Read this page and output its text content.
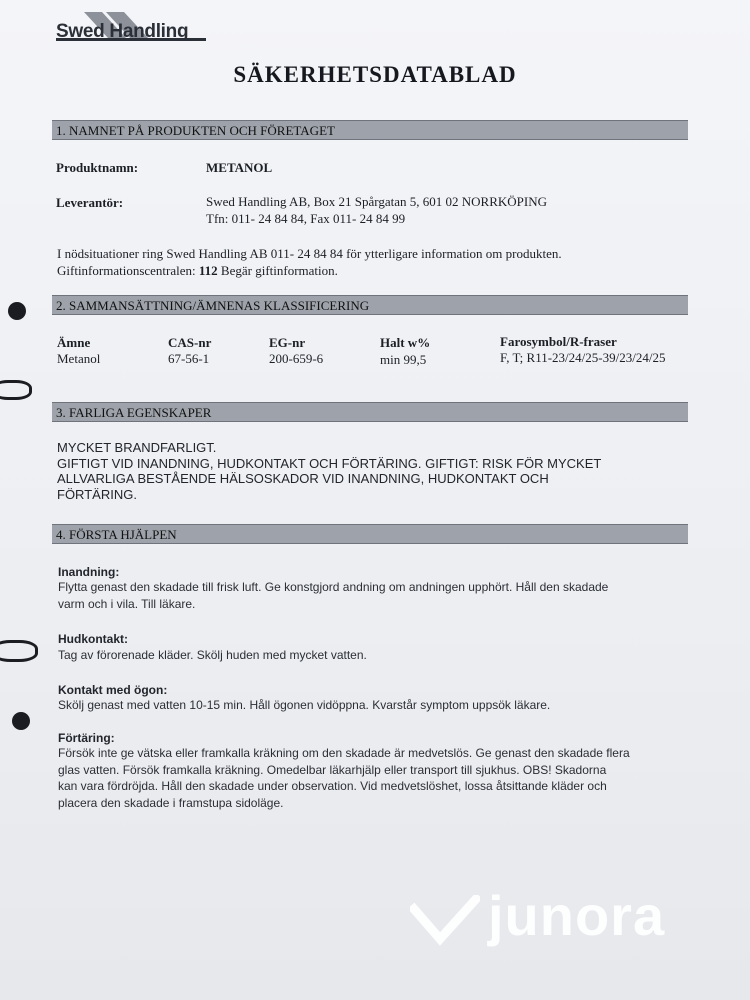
Swed Handling
SÄKERHETSDATABLAD
1. NAMNET PÅ PRODUKTEN OCH FÖRETAGET
Produktnamn:	METANOL
Leverantör:	Swed Handling AB, Box 21 Spårgatan 5, 601 02 NORRKÖPING
Tfn: 011- 24 84 84, Fax 011- 24 84 99
I nödsituationer ring Swed Handling AB 011- 24 84 84 för ytterligare information om produkten.
Giftinformationscentralen: 112 Begär giftinformation.
2. SAMMANSÄTTNING/ÄMNENAS KLASSIFICERING
Ämne	CAS-nr	EG-nr	Halt w%	Farosymbol/R-fraser
Metanol	67-56-1	200-659-6	min 99,5	F, T; R11-23/24/25-39/23/24/25
3. FARLIGA EGENSKAPER
MYCKET BRANDFARLIGT.
GIFTIGT VID INANDNING, HUDKONTAKT OCH FÖRTÄRING. GIFTIGT: RISK FÖR MYCKET
ALLVARLIGA BESTÅENDE HÄLSOSKADOR VID INANDNING, HUDKONTAKT OCH
FÖRTÄRING.
4. FÖRSTA HJÄLPEN
Inandning:
Flytta genast den skadade till frisk luft. Ge konstgjord andning om andningen upphört. Håll den skadade
varm och i vila. Till läkare.
Hudkontakt:
Tag av förorenade kläder. Skölj huden med mycket vatten.
Kontakt med ögon:
Skölj genast med vatten 10-15 min. Håll ögonen vidöppna. Kvarstår symptom uppsök läkare.
Förtäring:
Försök inte ge vätska eller framkalla kräkning om den skadade är medvetslös. Ge genast den skadade flera
glas vatten. Försök framkalla kräkning. Omedelbar läkarhjälp eller transport till sjukhus. OBS! Skadorna
kan vara fördröjda. Håll den skadade under observation. Vid medvetslöshet, lossa åtsittande kläder och
placera den skadade i framstupa sidoläge.
junora
